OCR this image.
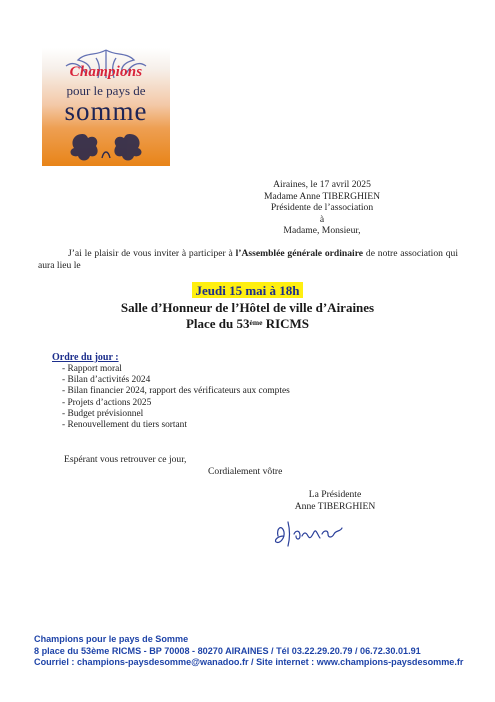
Champions
pour le pays de
somme
Airaines, le 17 avril 2025
Madame Anne TIBERGHIEN
Présidente de l’association
à
Madame, Monsieur,
J’ai le plaisir de vous inviter à participer à l’Assemblée générale ordinaire de notre association qui aura lieu le
Jeudi 15 mai à 18h
Salle d’Honneur de l’Hôtel de ville d’Airaines
Place du 53ème RICMS
Ordre du jour :
- Rapport moral
- Bilan d’activités 2024
- Bilan financier 2024, rapport des vérificateurs aux comptes
- Projets d’actions 2025
- Budget prévisionnel
- Renouvellement du tiers sortant
Espérant vous retrouver ce jour,
Cordialement vôtre
La Présidente
Anne TIBERGHIEN
Champions pour le pays de Somme
8 place du 53ème RICMS - BP 70008 - 80270 AIRAINES / Tél 03.22.29.20.79 / 06.72.30.01.91
Courriel : champions-paysdesomme@wanadoo.fr / Site internet : www.champions-paysdesomme.fr
